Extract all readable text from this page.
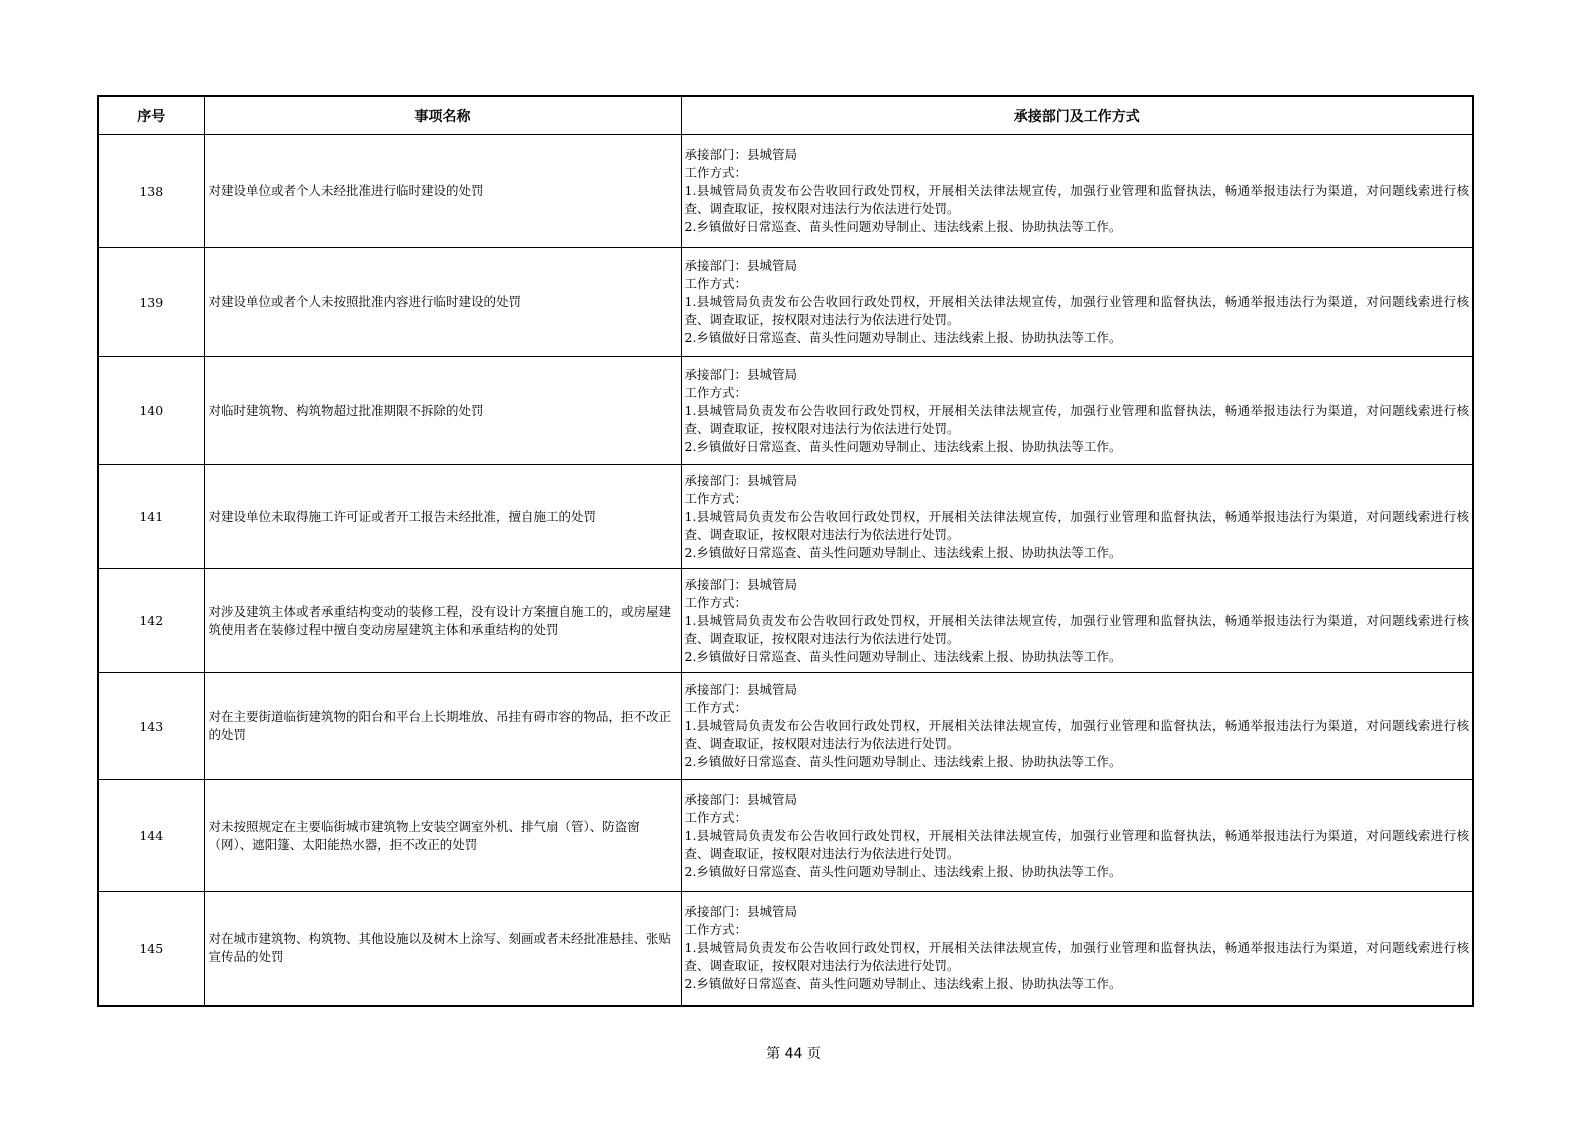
序号	事项名称	承接部门及工作方式
138	对建设单位或者个人未经批准进行临时建设的处罚	承接部门：县城管局
工作方式：
1.县城管局负责发布公告收回行政处罚权，开展相关法律法规宣传，加强行业管理和监督执法，畅通举报违法行为渠道，对问题线索进行核查、调查取证，按权限对违法行为依法进行处罚。
2.乡镇做好日常巡查、苗头性问题劝导制止、违法线索上报、协助执法等工作。

139	对建设单位或者个人未按照批准内容进行临时建设的处罚	承接部门：县城管局
工作方式：
1.县城管局负责发布公告收回行政处罚权，开展相关法律法规宣传，加强行业管理和监督执法，畅通举报违法行为渠道，对问题线索进行核查、调查取证，按权限对违法行为依法进行处罚。
2.乡镇做好日常巡查、苗头性问题劝导制止、违法线索上报、协助执法等工作。

140	对临时建筑物、构筑物超过批准期限不拆除的处罚	承接部门：县城管局
工作方式：
1.县城管局负责发布公告收回行政处罚权，开展相关法律法规宣传，加强行业管理和监督执法，畅通举报违法行为渠道，对问题线索进行核查、调查取证，按权限对违法行为依法进行处罚。
2.乡镇做好日常巡查、苗头性问题劝导制止、违法线索上报、协助执法等工作。

141	对建设单位未取得施工许可证或者开工报告未经批准，擅自施工的处罚	承接部门：县城管局
工作方式：
1.县城管局负责发布公告收回行政处罚权，开展相关法律法规宣传，加强行业管理和监督执法，畅通举报违法行为渠道，对问题线索进行核查、调查取证，按权限对违法行为依法进行处罚。
2.乡镇做好日常巡查、苗头性问题劝导制止、违法线索上报、协助执法等工作。

142	对涉及建筑主体或者承重结构变动的装修工程，没有设计方案擅自施工的，或房屋建筑使用者在装修过程中擅自变动房屋建筑主体和承重结构的处罚	承接部门：县城管局
工作方式：
1.县城管局负责发布公告收回行政处罚权，开展相关法律法规宣传，加强行业管理和监督执法，畅通举报违法行为渠道，对问题线索进行核查、调查取证，按权限对违法行为依法进行处罚。
2.乡镇做好日常巡查、苗头性问题劝导制止、违法线索上报、协助执法等工作。

143	对在主要街道临街建筑物的阳台和平台上长期堆放、吊挂有碍市容的物品，拒不改正的处罚	承接部门：县城管局
工作方式：
1.县城管局负责发布公告收回行政处罚权，开展相关法律法规宣传，加强行业管理和监督执法，畅通举报违法行为渠道，对问题线索进行核查、调查取证，按权限对违法行为依法进行处罚。
2.乡镇做好日常巡查、苗头性问题劝导制止、违法线索上报、协助执法等工作。

144	对未按照规定在主要临街城市建筑物上安装空调室外机、排气扇（管）、防盗窗（网）、遮阳篷、太阳能热水器，拒不改正的处罚	承接部门：县城管局
工作方式：
1.县城管局负责发布公告收回行政处罚权，开展相关法律法规宣传，加强行业管理和监督执法，畅通举报违法行为渠道，对问题线索进行核查、调查取证，按权限对违法行为依法进行处罚。
2.乡镇做好日常巡查、苗头性问题劝导制止、违法线索上报、协助执法等工作。

145	对在城市建筑物、构筑物、其他设施以及树木上涂写、刻画或者未经批准悬挂、张贴宣传品的处罚	承接部门：县城管局
工作方式：
1.县城管局负责发布公告收回行政处罚权，开展相关法律法规宣传，加强行业管理和监督执法，畅通举报违法行为渠道，对问题线索进行核查、调查取证，按权限对违法行为依法进行处罚。
2.乡镇做好日常巡查、苗头性问题劝导制止、违法线索上报、协助执法等工作。
第 44 页
